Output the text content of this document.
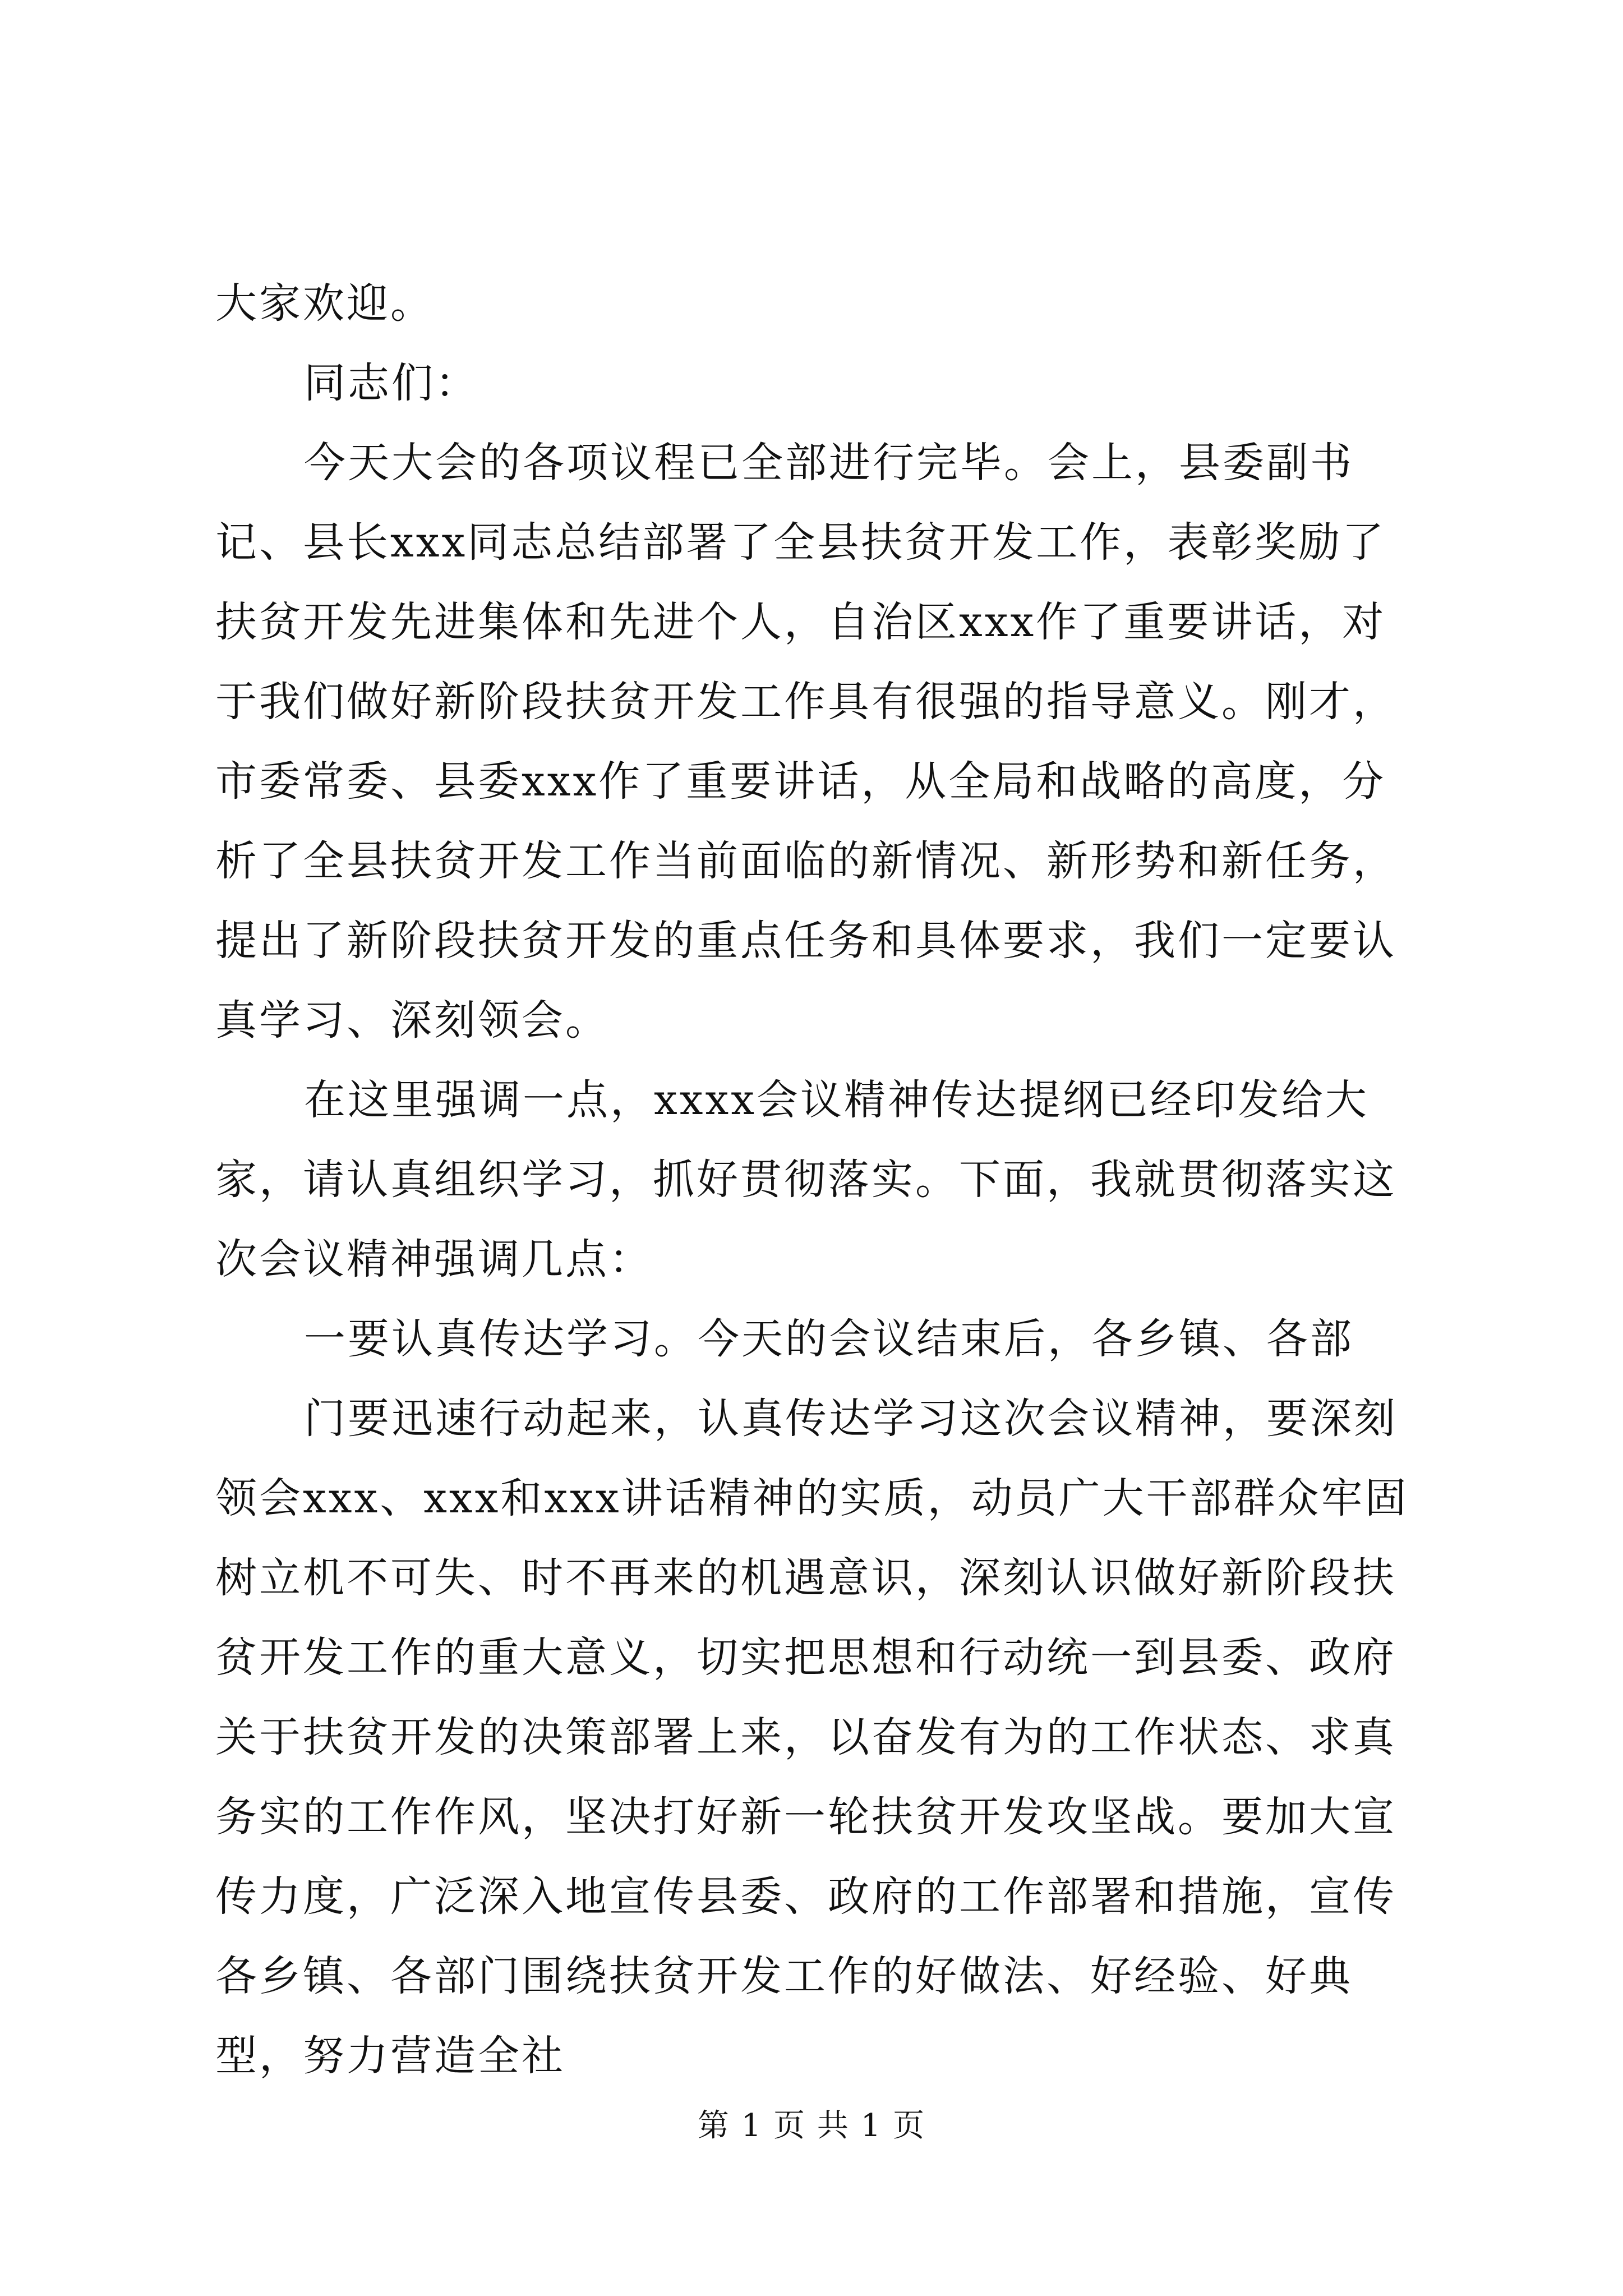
大家欢迎。

同志们：

今天大会的各项议程已全部进行完毕。会上，县委副书记、县长xxx同志总结部署了全县扶贫开发工作，表彰奖励了扶贫开发先进集体和先进个人，自治区xxx作了重要讲话，对于我们做好新阶段扶贫开发工作具有很强的指导意义。刚才，市委常委、县委xxx作了重要讲话，从全局和战略的高度，分析了全县扶贫开发工作当前面临的新情况、新形势和新任务，提出了新阶段扶贫开发的重点任务和具体要求，我们一定要认真学习、深刻领会。

在这里强调一点，xxxx会议精神传达提纲已经印发给大家，请认真组织学习，抓好贯彻落实。下面，我就贯彻落实这次会议精神强调几点：

一要认真传达学习。今天的会议结束后，各乡镇、各部

门要迅速行动起来，认真传达学习这次会议精神，要深刻领会xxx、xxx和xxx讲话精神的实质，动员广大干部群众牢固树立机不可失、时不再来的机遇意识，深刻认识做好新阶段扶贫开发工作的重大意义，切实把思想和行动统一到县委、政府关于扶贫开发的决策部署上来，以奋发有为的工作状态、求真务实的工作作风，坚决打好新一轮扶贫开发攻坚战。要加大宣传力度，广泛深入地宣传县委、政府的工作部署和措施，宣传各乡镇、各部门围绕扶贫开发工作的好做法、好经验、好典型，努力营造全社

第 1 页 共 1 页
